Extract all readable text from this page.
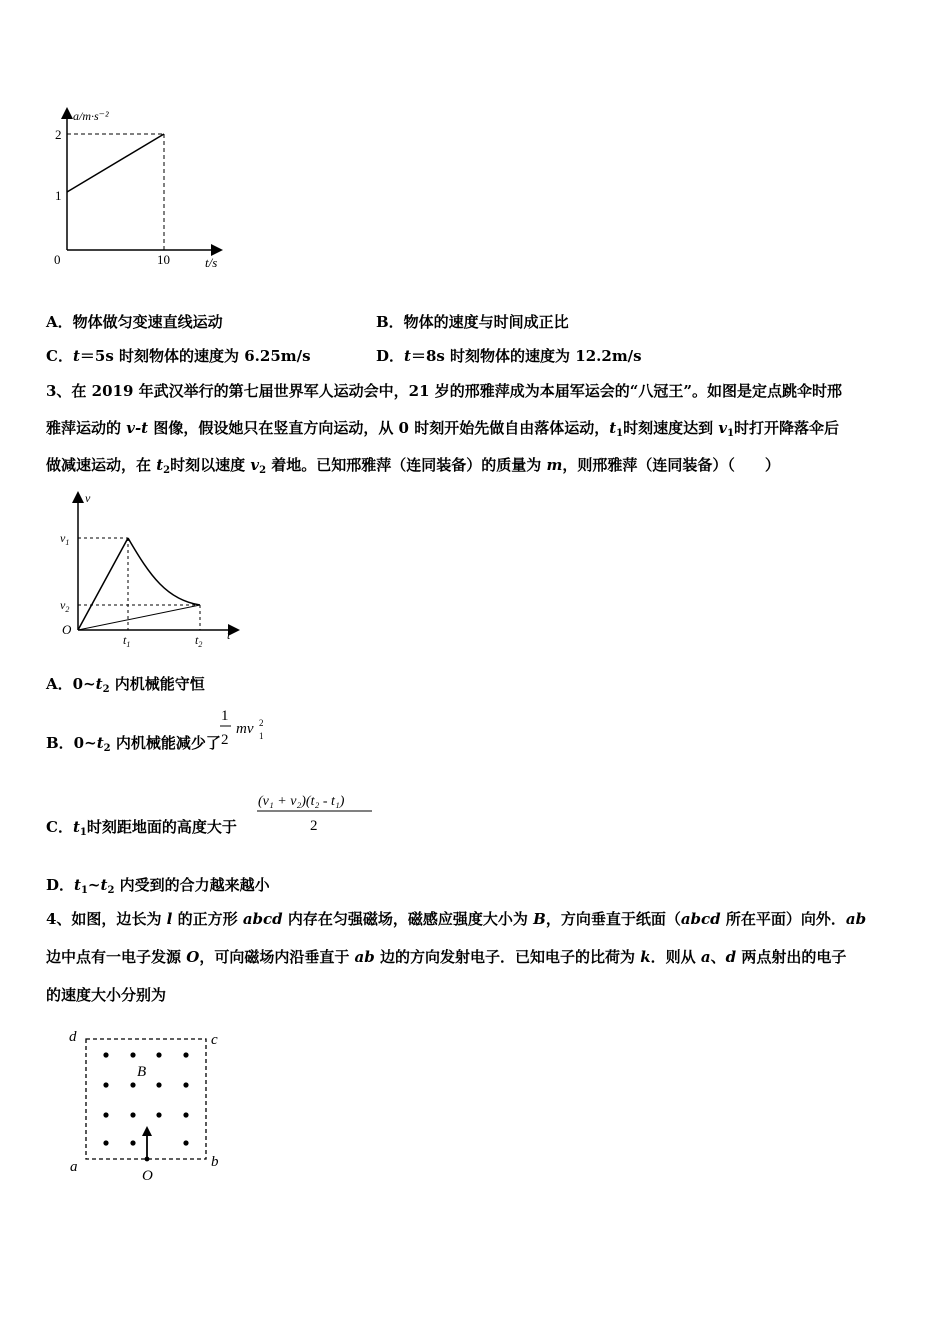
a/m·s⁻²
2
1
0	10	t/s
A．物体做匀变速直线运动	B．物体的速度与时间成正比
C．t＝5s 时刻物体的速度为 6.25m/s	D．t＝8s 时刻物体的速度为 12.2m/s
3、在 2019 年武汉举行的第七届世界军人运动会中，21 岁的邢雅萍成为本届军运会的“八冠王”。如图是定点跳伞时邢
雅萍运动的 v-t 图像，假设她只在竖直方向运动，从 0 时刻开始先做自由落体运动，$t_1$时刻速度达到 $v_1$时打开降落伞后
做减速运动，在 $t_2$时刻以速度 $v_2$ 着地。已知邢雅萍（连同装备）的质量为 m，则邢雅萍（连同装备）（　　）
v
$v_1$
$v_2$
O
$t_1$	$t_2$
t
A．$0\sim t_2$ 内机械能守恒
B．$0\sim t_2$ 内机械能减少了
1
2
mv 2
1
C．$t_1$时刻距地面的高度大于
(v₁ + v₂)(t₂ - t₁)
2
D．$t_1\sim t_2$ 内受到的合力越来越小
4、如图，边长为 l 的正方形 abcd 内存在匀强磁场，磁感应强度大小为 B，方向垂直于纸面（abcd 所在平面）向外．ab
边中点有一电子发源 O，可向磁场内沿垂直于 ab 边的方向发射电子．已知电子的比荷为 k．则从 a、d 两点射出的电子
的速度大小分别为
d	c
a	b
B
O
